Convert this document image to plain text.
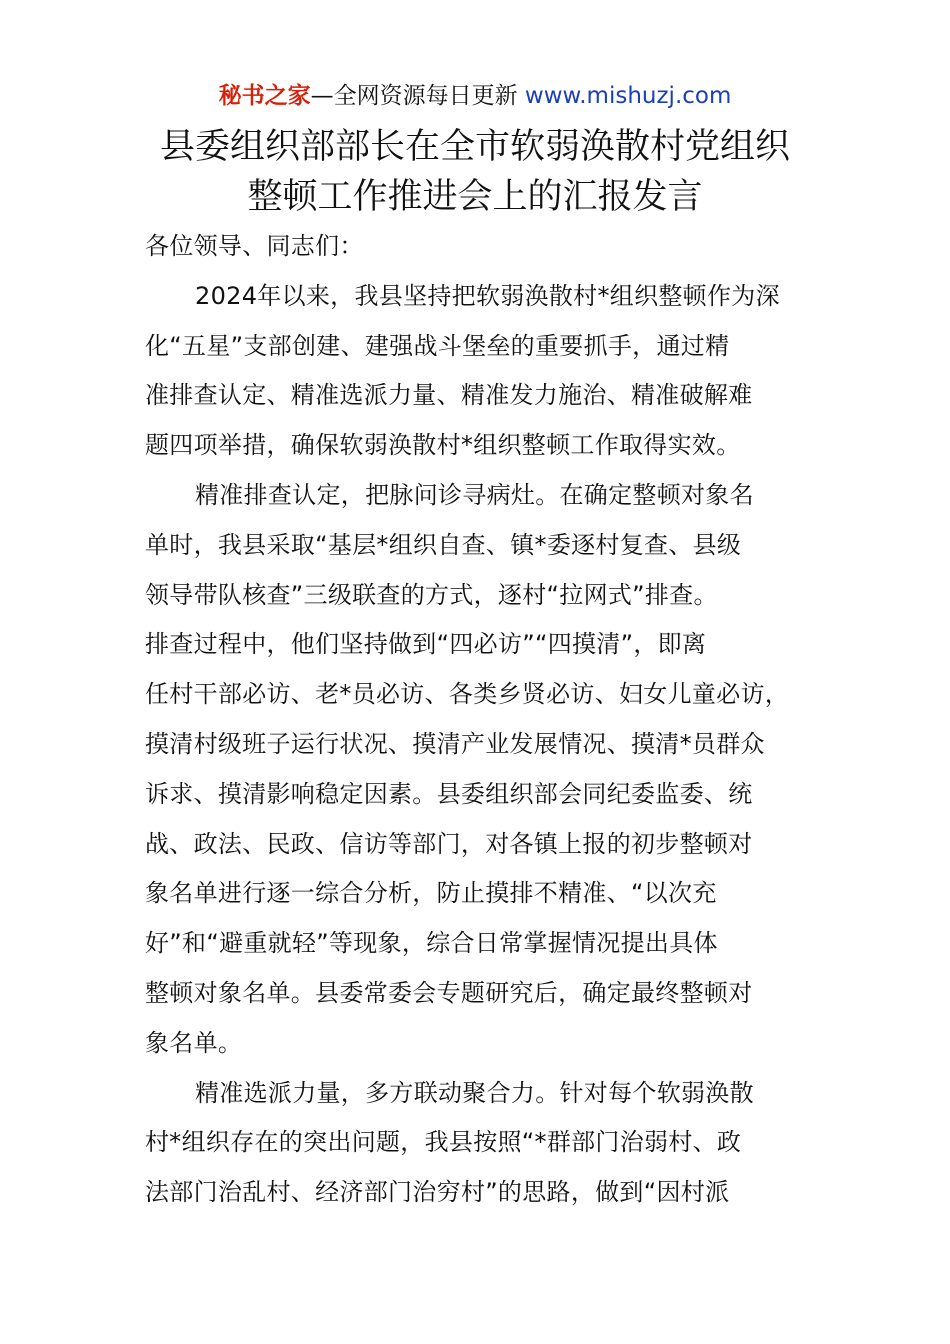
秘书之家—全网资源每日更新 www.mishuzj.com
县委组织部部长在全市软弱涣散村党组织
整顿工作推进会上的汇报发言
各位领导、同志们：
2024年以来，我县坚持把软弱涣散村*组织整顿作为深
化“五星”支部创建、建强战斗堡垒的重要抓手，通过精
准排查认定、精准选派力量、精准发力施治、精准破解难
题四项举措，确保软弱涣散村*组织整顿工作取得实效。
精准排查认定，把脉问诊寻病灶。在确定整顿对象名
单时，我县采取“基层*组织自查、镇*委逐村复查、县级
领导带队核查”三级联查的方式，逐村“拉网式”排查。
排查过程中，他们坚持做到“四必访”“四摸清”，即离
任村干部必访、老*员必访、各类乡贤必访、妇女儿童必访，
摸清村级班子运行状况、摸清产业发展情况、摸清*员群众
诉求、摸清影响稳定因素。县委组织部会同纪委监委、统
战、政法、民政、信访等部门，对各镇上报的初步整顿对
象名单进行逐一综合分析，防止摸排不精准、“以次充
好”和“避重就轻”等现象，综合日常掌握情况提出具体
整顿对象名单。县委常委会专题研究后，确定最终整顿对
象名单。
精准选派力量，多方联动聚合力。针对每个软弱涣散
村*组织存在的突出问题，我县按照“*群部门治弱村、政
法部门治乱村、经济部门治穷村”的思路，做到“因村派
